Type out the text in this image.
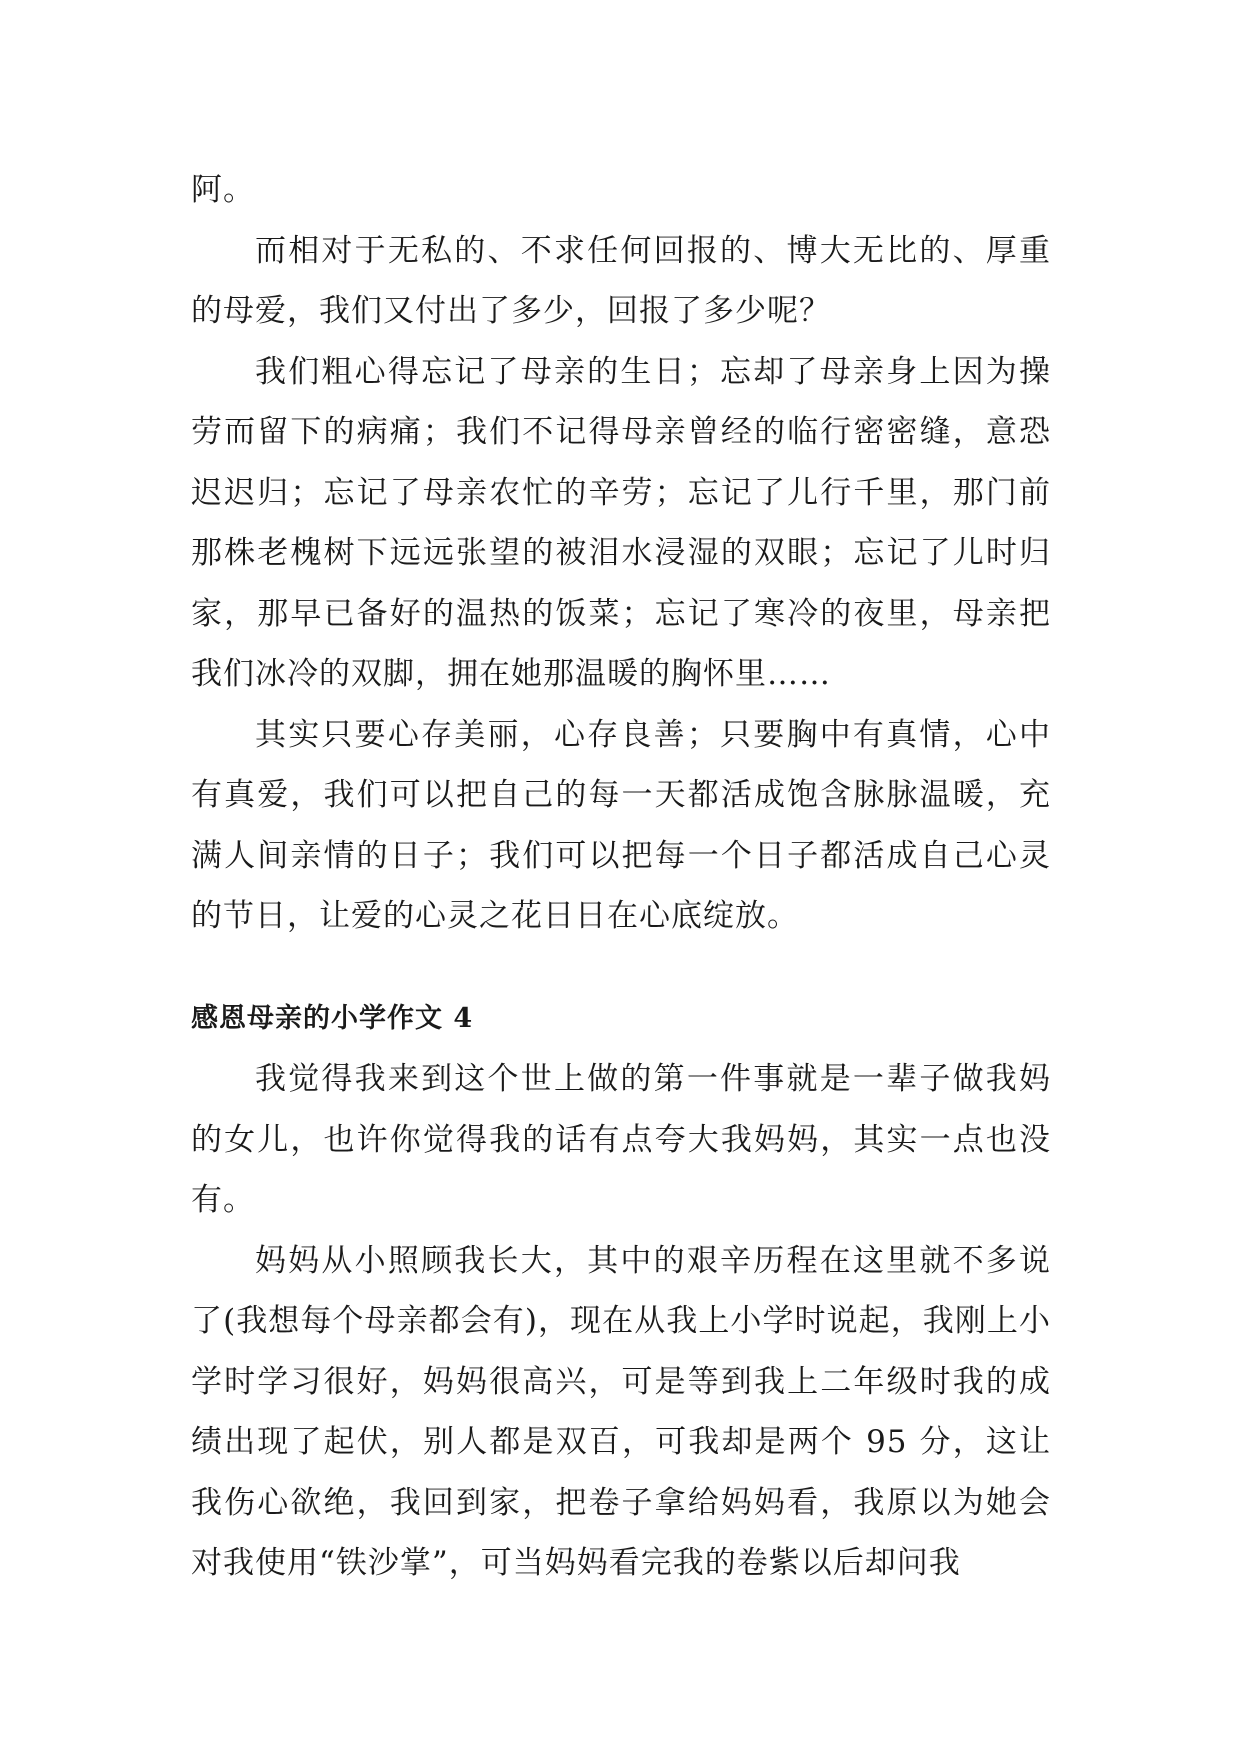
阿。

而相对于无私的、不求任何回报的、博大无比的、厚重的母爱，我们又付出了多少，回报了多少呢？

我们粗心得忘记了母亲的生日；忘却了母亲身上因为操劳而留下的病痛；我们不记得母亲曾经的临行密密缝，意恐迟迟归；忘记了母亲农忙的辛劳；忘记了儿行千里，那门前那株老槐树下远远张望的被泪水浸湿的双眼；忘记了儿时归家，那早已备好的温热的饭菜；忘记了寒冷的夜里，母亲把我们冰冷的双脚，拥在她那温暖的胸怀里……

其实只要心存美丽，心存良善；只要胸中有真情，心中有真爱，我们可以把自己的每一天都活成饱含脉脉温暖，充满人间亲情的日子；我们可以把每一个日子都活成自己心灵的节日，让爱的心灵之花日日在心底绽放。

感恩母亲的小学作文 4

我觉得我来到这个世上做的第一件事就是一辈子做我妈的女儿，也许你觉得我的话有点夸大我妈妈，其实一点也没有。

妈妈从小照顾我长大，其中的艰辛历程在这里就不多说了(我想每个母亲都会有)，现在从我上小学时说起，我刚上小学时学习很好，妈妈很高兴，可是等到我上二年级时我的成绩出现了起伏，别人都是双百，可我却是两个 95 分，这让我伤心欲绝，我回到家，把卷子拿给妈妈看，我原以为她会对我使用“铁沙掌”，可当妈妈看完我的卷紫以后却问我
